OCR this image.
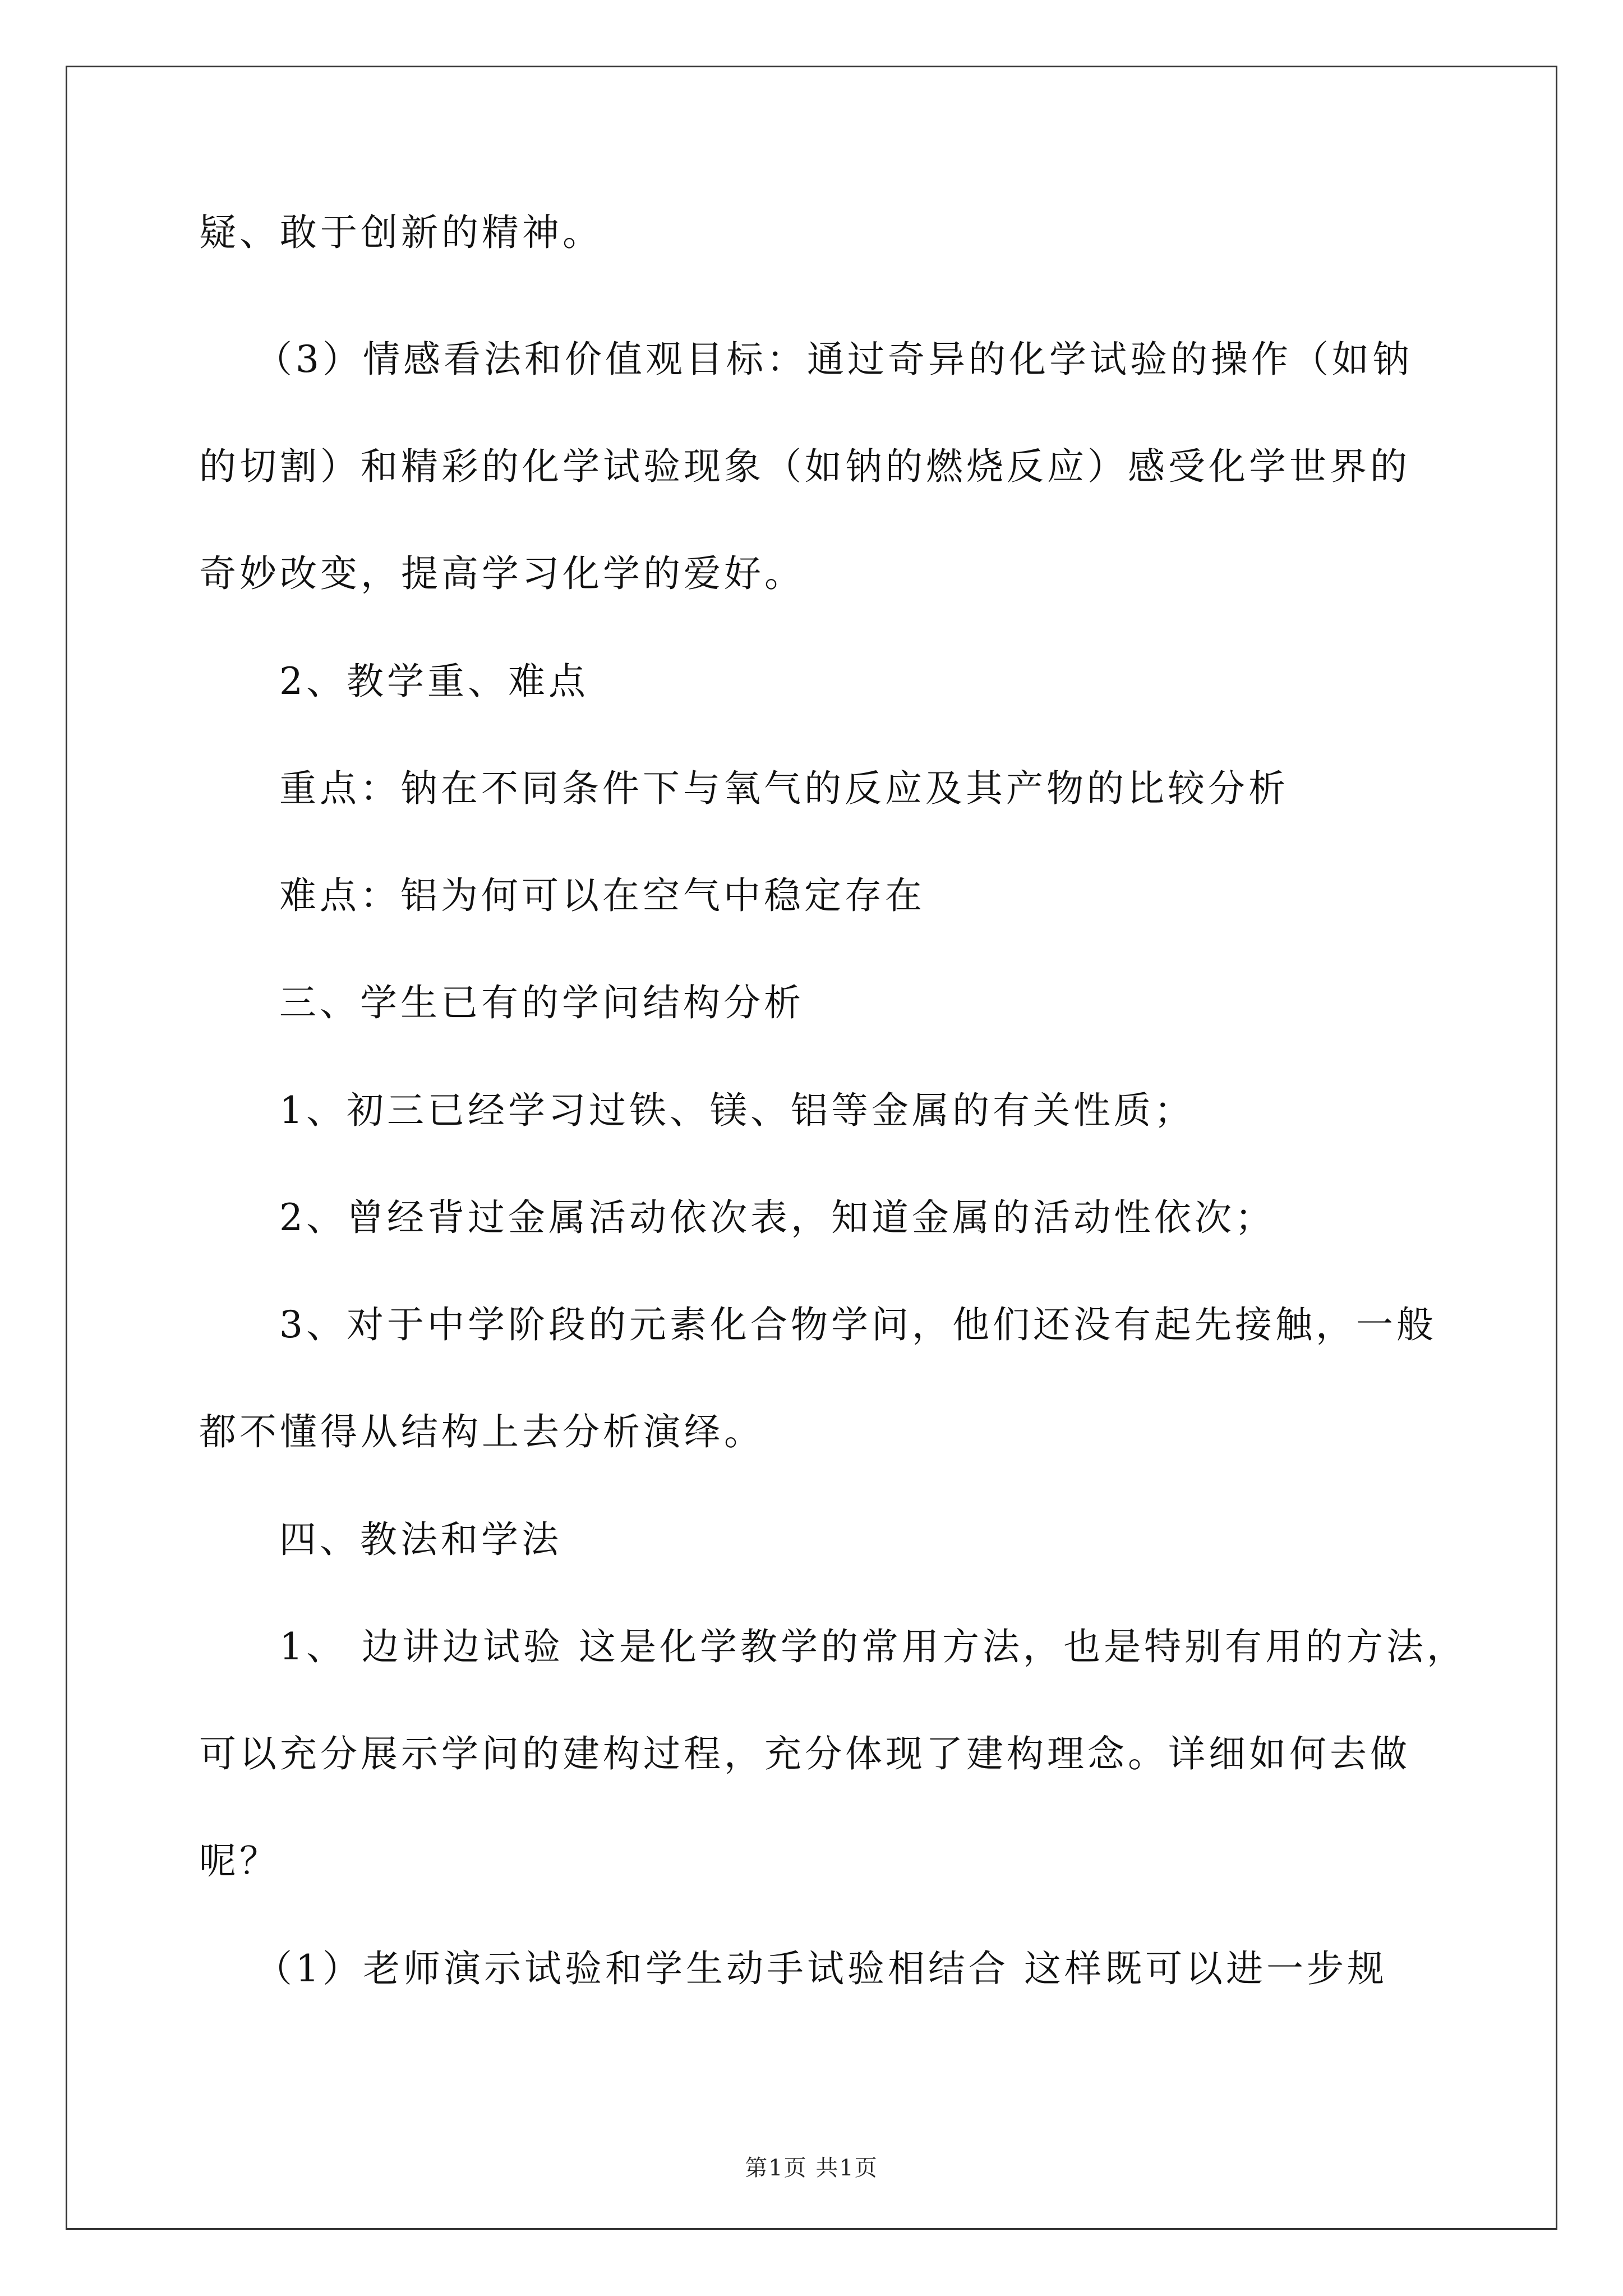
疑、敢于创新的精神。
（3）情感看法和价值观目标：通过奇异的化学试验的操作（如钠
的切割）和精彩的化学试验现象（如钠的燃烧反应）感受化学世界的
奇妙改变，提高学习化学的爱好。
2、教学重、难点
重点：钠在不同条件下与氧气的反应及其产物的比较分析
难点：铝为何可以在空气中稳定存在
三、学生已有的学问结构分析
1、初三已经学习过铁、镁、铝等金属的有关性质；
2、曾经背过金属活动依次表，知道金属的活动性依次；
3、对于中学阶段的元素化合物学问，他们还没有起先接触，一般
都不懂得从结构上去分析演绎。
四、教法和学法
1、 边讲边试验 这是化学教学的常用方法，也是特别有用的方法，
可以充分展示学问的建构过程，充分体现了建构理念。详细如何去做
呢？
（1）老师演示试验和学生动手试验相结合 这样既可以进一步规
第1页 共1页
